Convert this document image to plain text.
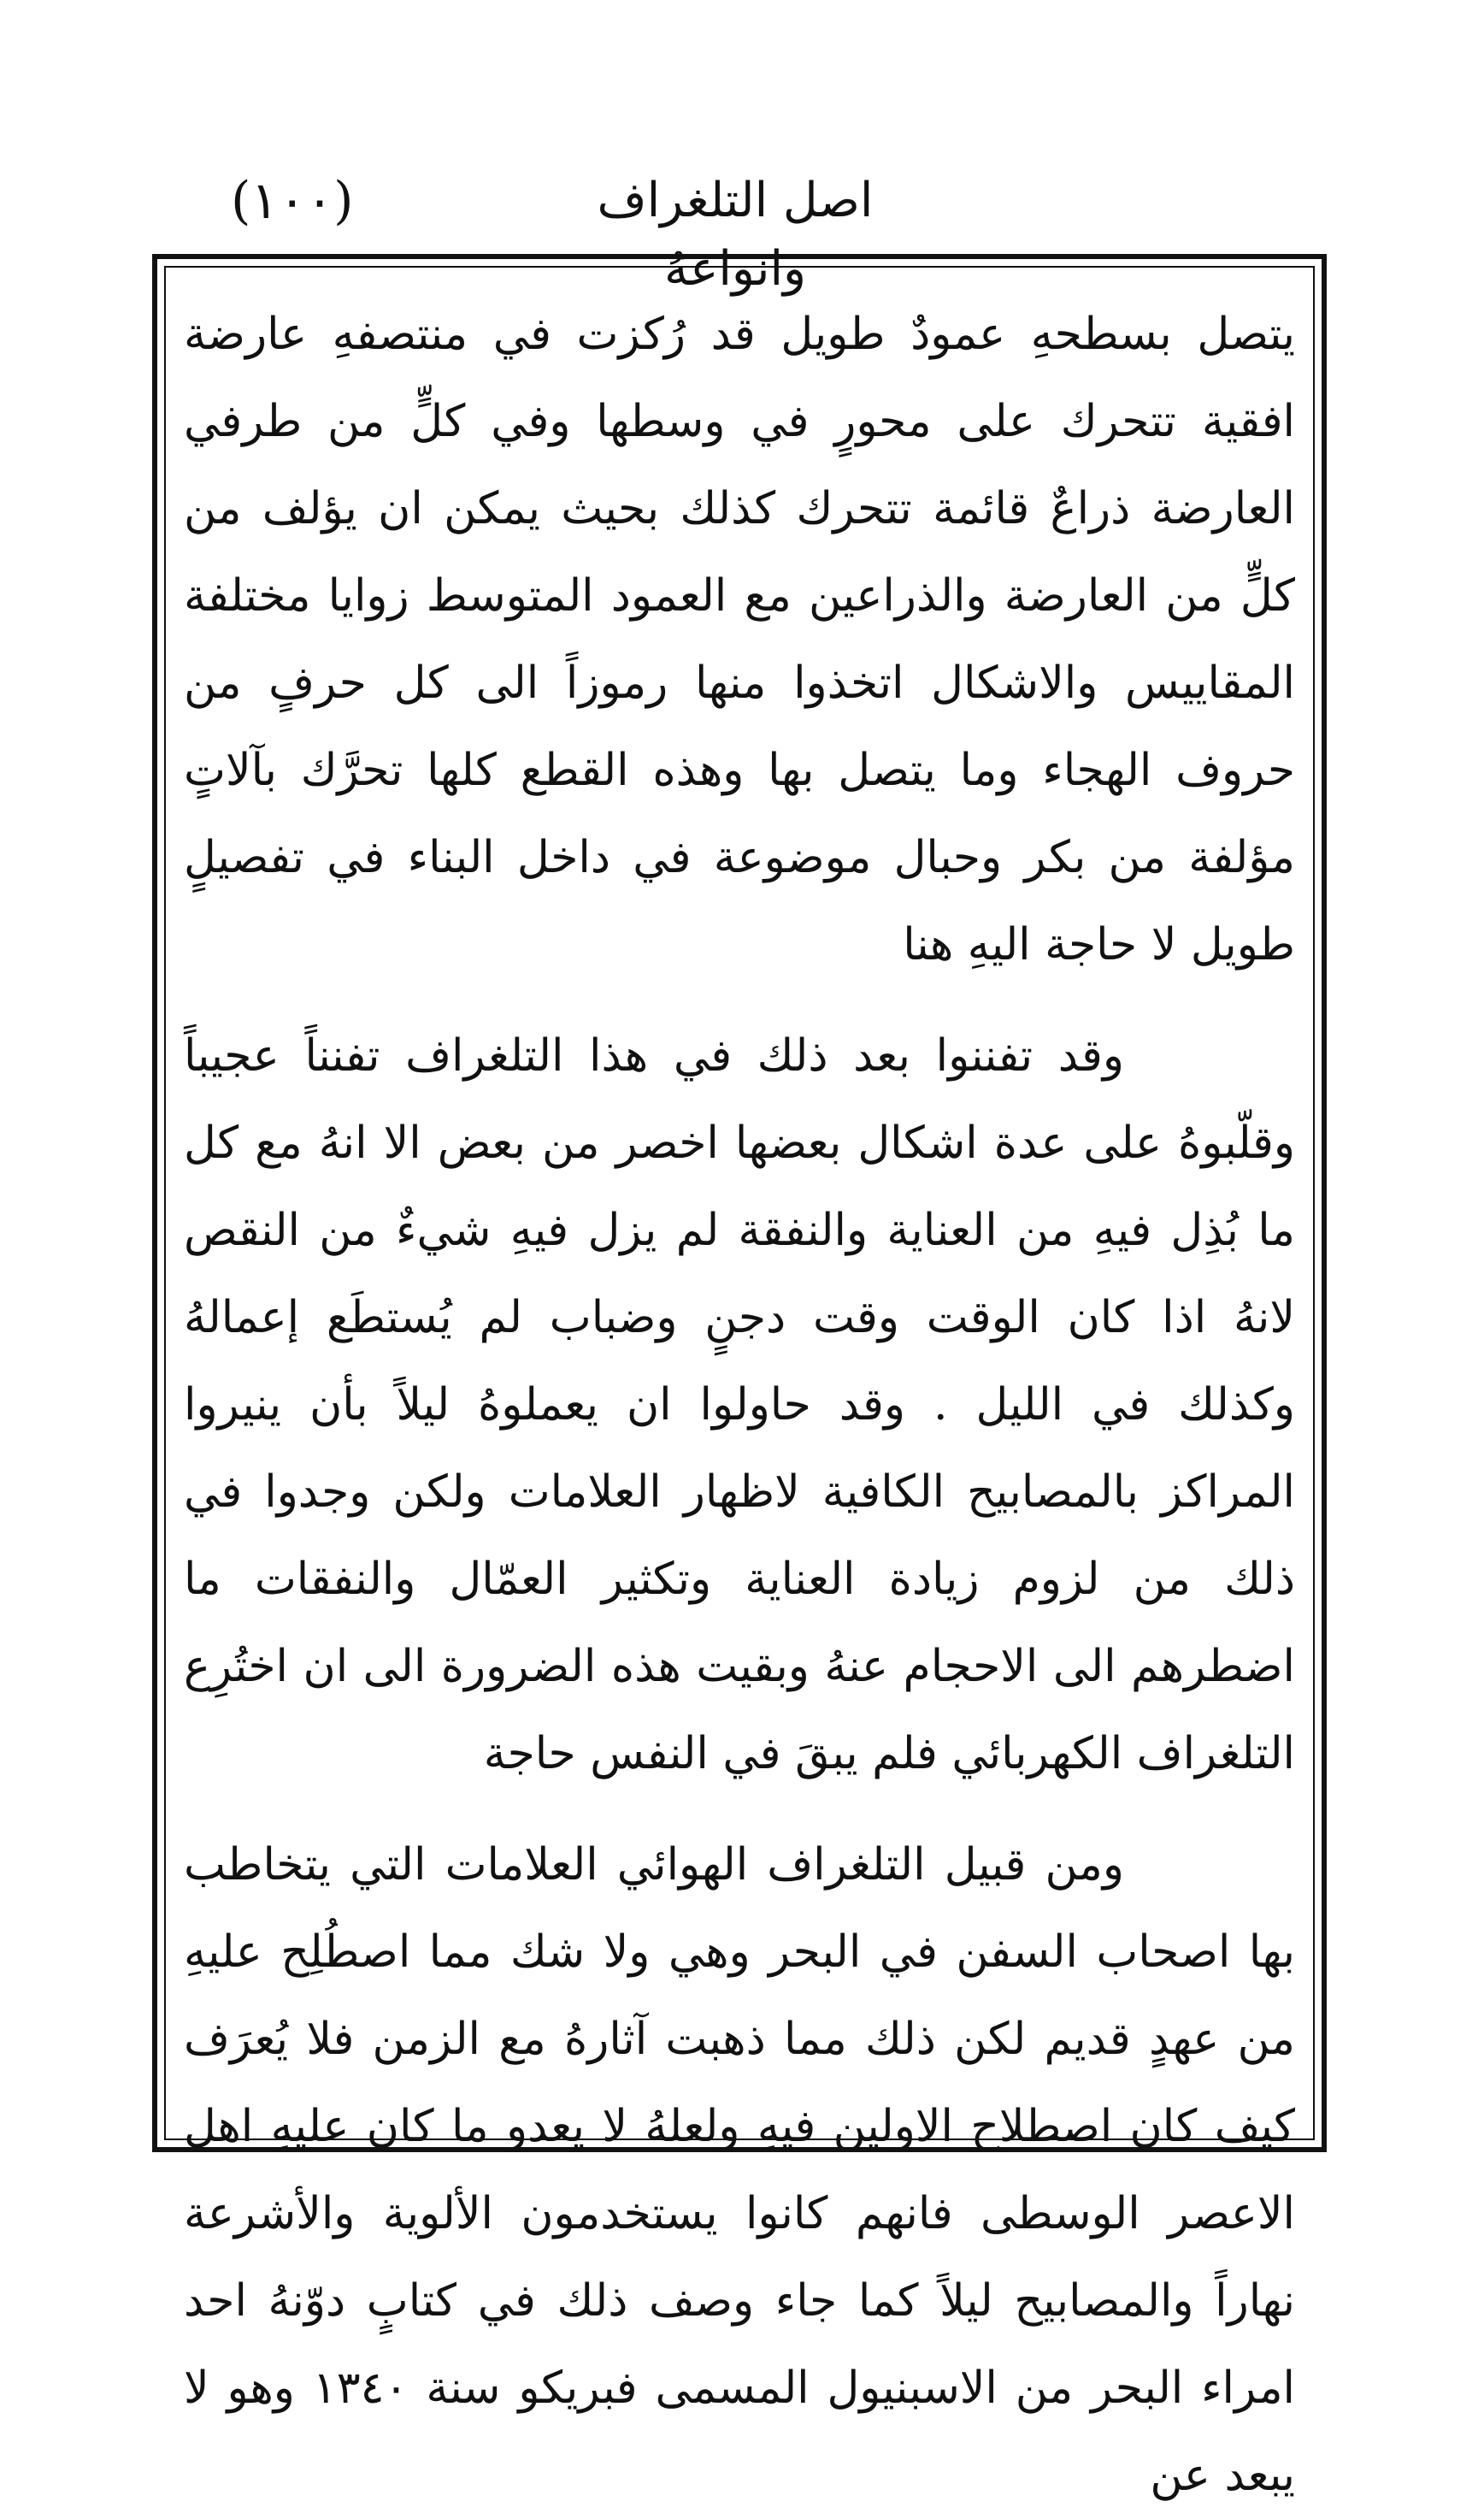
(١٠٠)	اصل التلغراف وانواعهُ

يتصل بسطحهِ عمودٌ طويل قد رُكزت في منتصفهِ عارضة افقية تتحرك على محورٍ في وسطها وفي كلٍّ من طرفي العارضة ذراعٌ قائمة تتحرك كذلك بحيث يمكن ان يؤلف من كلٍّ من العارضة والذراعين مع العمود المتوسط زوايا مختلفة المقاييس والاشكال اتخذوا منها رموزاً الى كل حرفٍ من حروف الهجاء وما يتصل بها وهذه القطع كلها تحرَّك بآلاتٍ مؤلفة من بكر وحبال موضوعة في داخل البناء في تفصيلٍ طويل لا حاجة اليهِ هنا

وقد تفننوا بعد ذلك في هذا التلغراف تفنناً عجيباً وقلّبوهُ على عدة اشكال بعضها اخصر من بعض الا انهُ مع كل ما بُذِل فيهِ من العناية والنفقة لم يزل فيهِ شيءٌ من النقص لانهُ اذا كان الوقت وقت دجنٍ وضباب لم يُستطَع إعمالهُ وكذلك في الليل . وقد حاولوا ان يعملوهُ ليلاً بأن ينيروا المراكز بالمصابيح الكافية لاظهار العلامات ولكن وجدوا في ذلك من لزوم زيادة العناية وتكثير العمّال والنفقات ما اضطرهم الى الاحجام عنهُ وبقيت هذه الضرورة الى ان اختُرِع التلغراف الكهربائي فلم يبقَ في النفس حاجة

ومن قبيل التلغراف الهوائي العلامات التي يتخاطب بها اصحاب السفن في البحر وهي ولا شك مما اصطُلِح عليهِ من عهدٍ قديم لكن ذلك مما ذهبت آثارهُ مع الزمن فلا يُعرَف كيف كان اصطلاح الاولين فيهِ ولعلهُ لا يعدو ما كان عليهِ اهل الاعصر الوسطى فانهم كانوا يستخدمون الألوية والأشرعة نهاراً والمصابيح ليلاً كما جاء وصف ذلك في كتابٍ دوّنهُ احد امراء البحر من الاسبنيول المسمى فبريكو سنة ١٣٤٠ وهو لا يبعد عن
